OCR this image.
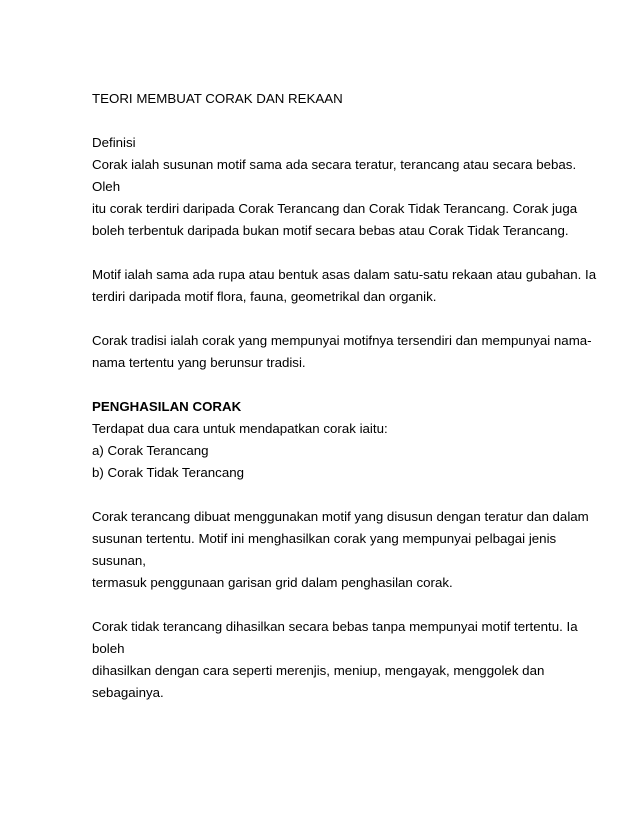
TEORI MEMBUAT CORAK DAN REKAAN

Definisi

Corak ialah susunan motif sama ada secara teratur, terancang atau secara bebas. Oleh

itu corak terdiri daripada Corak Terancang dan Corak Tidak Terancang. Corak juga

boleh terbentuk daripada bukan motif secara bebas atau Corak Tidak Terancang.

Motif ialah sama ada rupa atau bentuk asas dalam satu-satu rekaan atau gubahan. Ia

terdiri daripada motif flora, fauna, geometrikal dan organik.

Corak tradisi ialah corak yang mempunyai motifnya tersendiri dan mempunyai nama-

nama tertentu yang berunsur tradisi.

PENGHASILAN CORAK

Terdapat dua cara untuk mendapatkan corak iaitu:

a) Corak Terancang

b) Corak Tidak Terancang

Corak terancang dibuat menggunakan motif yang disusun dengan teratur dan dalam

susunan tertentu. Motif ini menghasilkan corak yang mempunyai pelbagai jenis susunan,

termasuk penggunaan garisan grid dalam penghasilan corak.

Corak tidak terancang dihasilkan secara bebas tanpa mempunyai motif tertentu. Ia boleh

dihasilkan dengan cara seperti merenjis, meniup, mengayak, menggolek dan

sebagainya.
